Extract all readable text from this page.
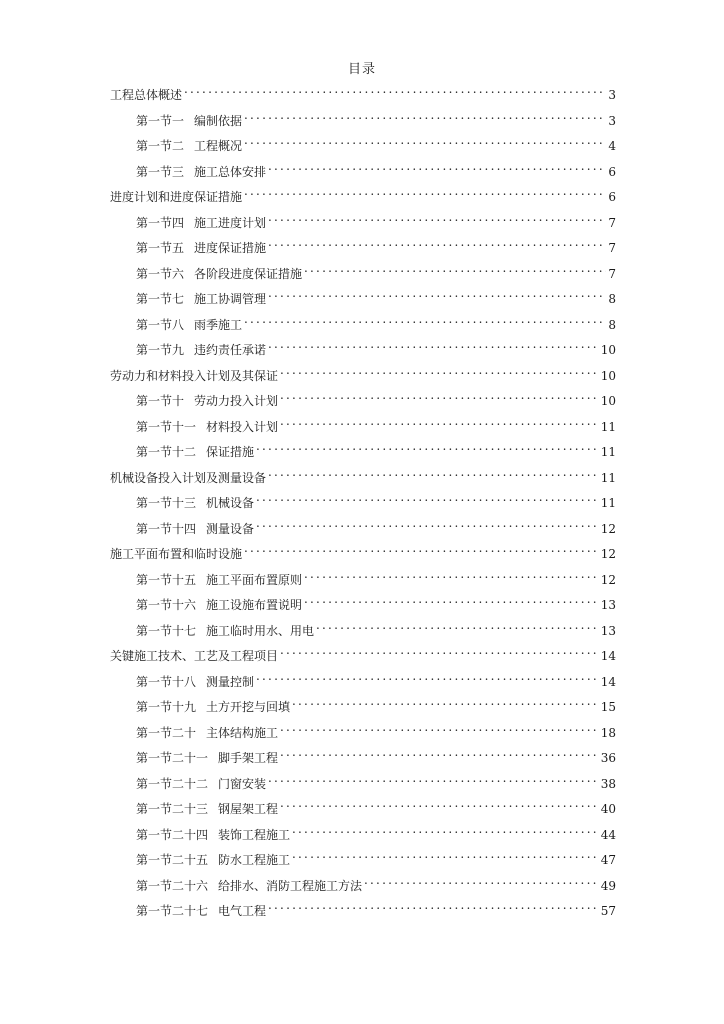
目录
工程总体概述 .....	3
第一节一 编制依据 .....	3
第一节二 工程概况 .....	4
第一节三 施工总体安排 .....	6
进度计划和进度保证措施 .....	6
第一节四 施工进度计划 .....	7
第一节五 进度保证措施 .....	7
第一节六 各阶段进度保证措施 .....	7
第一节七 施工协调管理 .....	8
第一节八 雨季施工 .....	8
第一节九 违约责任承诺 .....	10
劳动力和材料投入计划及其保证 .....	10
第一节十 劳动力投入计划 .....	10
第一节十一 材料投入计划 .....	11
第一节十二 保证措施 .....	11
机械设备投入计划及测量设备 .....	11
第一节十三 机械设备 .....	11
第一节十四 测量设备 .....	12
施工平面布置和临时设施 .....	12
第一节十五 施工平面布置原则 .....	12
第一节十六 施工设施布置说明 .....	13
第一节十七 施工临时用水、用电 .....	13
关键施工技术、工艺及工程项目 .....	14
第一节十八 测量控制 .....	14
第一节十九 土方开挖与回填 .....	15
第一节二十 主体结构施工 .....	18
第一节二十一 脚手架工程 .....	36
第一节二十二 门窗安装 .....	38
第一节二十三 钢屋架工程 .....	40
第一节二十四 装饰工程施工 .....	44
第一节二十五 防水工程施工 .....	47
第一节二十六 给排水、消防工程施工方法 .....	49
第一节二十七 电气工程 .....	57
